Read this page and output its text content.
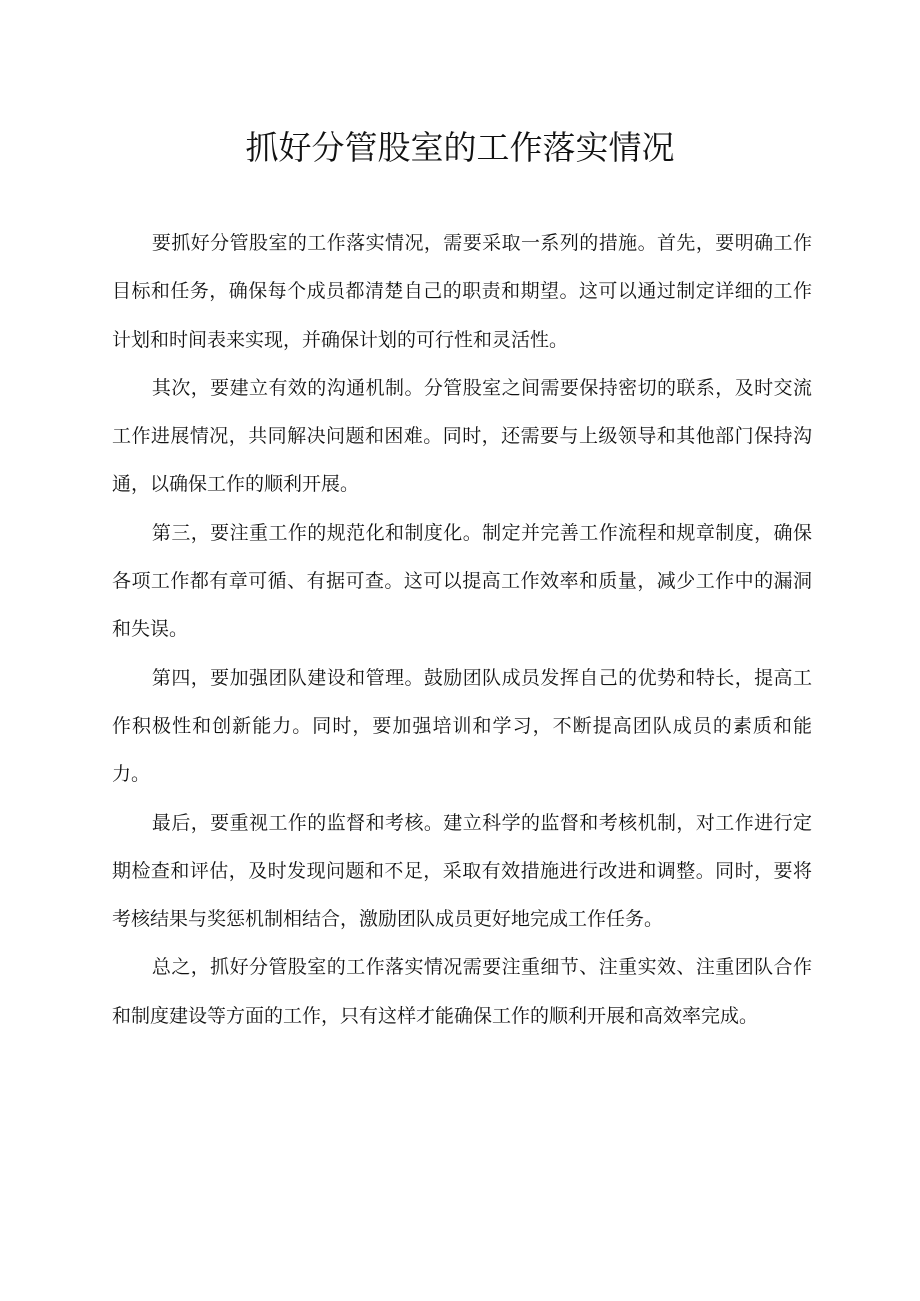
抓好分管股室的工作落实情况

要抓好分管股室的工作落实情况，需要采取一系列的措施。首先，要明确工作目标和任务，确保每个成员都清楚自己的职责和期望。这可以通过制定详细的工作计划和时间表来实现，并确保计划的可行性和灵活性。

其次，要建立有效的沟通机制。分管股室之间需要保持密切的联系，及时交流工作进展情况，共同解决问题和困难。同时，还需要与上级领导和其他部门保持沟通，以确保工作的顺利开展。

第三，要注重工作的规范化和制度化。制定并完善工作流程和规章制度，确保各项工作都有章可循、有据可查。这可以提高工作效率和质量，减少工作中的漏洞和失误。

第四，要加强团队建设和管理。鼓励团队成员发挥自己的优势和特长，提高工作积极性和创新能力。同时，要加强培训和学习，不断提高团队成员的素质和能力。

最后，要重视工作的监督和考核。建立科学的监督和考核机制，对工作进行定期检查和评估，及时发现问题和不足，采取有效措施进行改进和调整。同时，要将考核结果与奖惩机制相结合，激励团队成员更好地完成工作任务。

总之，抓好分管股室的工作落实情况需要注重细节、注重实效、注重团队合作和制度建设等方面的工作，只有这样才能确保工作的顺利开展和高效率完成。
